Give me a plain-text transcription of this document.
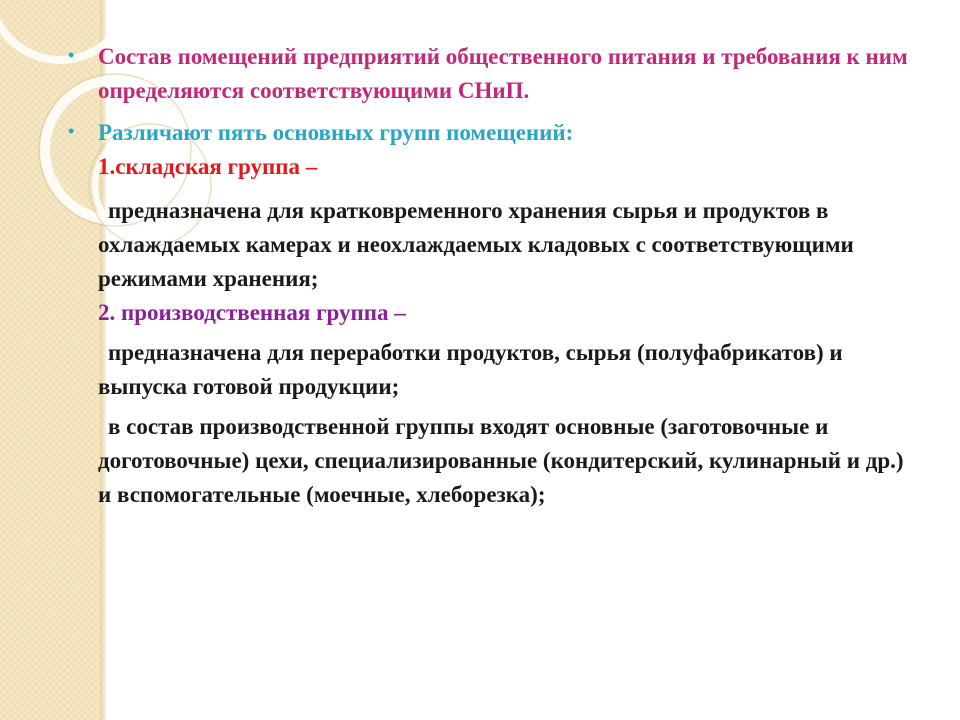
•	Состав помещений предприятий общественного питания и требования к ним определяются соответствующими СНиП.
•	Различают пять основных групп помещений:
1.складская группа –
предназначена для кратковременного хранения сырья и продуктов в охлаждаемых камерах и неохлаждаемых кладовых с соответствующими режимами хранения;
2. производственная группа –
предназначена для переработки продуктов, сырья (полуфабрикатов) и выпуска готовой продукции;
в состав производственной группы входят основные (заготовочные и доготовочные) цехи, специализированные (кондитерский, кулинарный и др.) и вспомогательные (моечные, хлеборезка);
